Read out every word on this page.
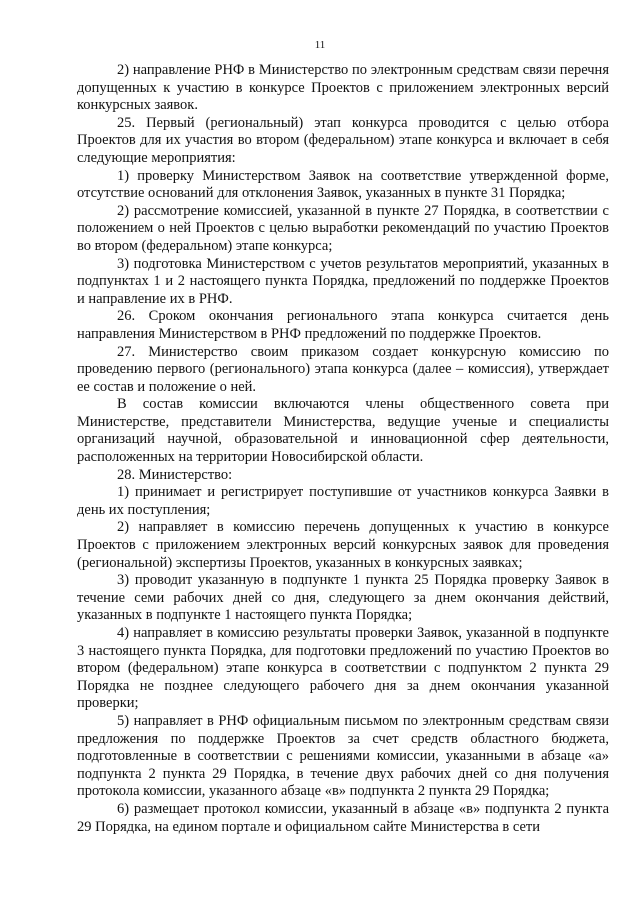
11

2) направление РНФ в Министерство по электронным средствам связи перечня допущенных к участию в конкурсе Проектов с приложением электронных версий конкурсных заявок.

25. Первый (региональный) этап конкурса проводится с целью отбора Проектов для их участия во втором (федеральном) этапе конкурса и включает в себя следующие мероприятия:

1) проверку Министерством Заявок на соответствие утвержденной форме, отсутствие оснований для отклонения Заявок, указанных в пункте 31 Порядка;

2) рассмотрение комиссией, указанной в пункте 27 Порядка, в соответствии с положением о ней Проектов с целью выработки рекомендаций по участию Проектов во втором (федеральном) этапе конкурса;

3) подготовка Министерством с учетов результатов мероприятий, указанных в подпунктах 1 и 2 настоящего пункта Порядка, предложений по поддержке Проектов и направление их в РНФ.

26. Сроком окончания регионального этапа конкурса считается день направления Министерством в РНФ предложений по поддержке Проектов.

27. Министерство своим приказом создает конкурсную комиссию по проведению первого (регионального) этапа конкурса (далее – комиссия), утверждает ее состав и положение о ней.

В состав комиссии включаются члены общественного совета при Министерстве, представители Министерства, ведущие ученые и специалисты организаций научной, образовательной и инновационной сфер деятельности, расположенных на территории Новосибирской области.

28. Министерство:

1) принимает и регистрирует поступившие от участников конкурса Заявки в день их поступления;

2) направляет в комиссию перечень допущенных к участию в конкурсе Проектов с приложением электронных версий конкурсных заявок для проведения (региональной) экспертизы Проектов, указанных в конкурсных заявках;

3) проводит указанную в подпункте 1 пункта 25 Порядка проверку Заявок в течение семи рабочих дней со дня, следующего за днем окончания действий, указанных в подпункте 1 настоящего пункта Порядка;

4) направляет в комиссию результаты проверки Заявок, указанной в подпункте 3 настоящего пункта Порядка, для подготовки предложений по участию Проектов во втором (федеральном) этапе конкурса в соответствии с подпунктом 2 пункта 29 Порядка не позднее следующего рабочего дня за днем окончания указанной проверки;

5) направляет в РНФ официальным письмом по электронным средствам связи предложения по поддержке Проектов за счет средств областного бюджета, подготовленные в соответствии с решениями комиссии, указанными в абзаце «а» подпункта 2 пункта 29 Порядка, в течение двух рабочих дней со дня получения протокола комиссии, указанного абзаце «в» подпункта 2 пункта 29 Порядка;

6) размещает протокол комиссии, указанный в абзаце «в» подпункта 2 пункта 29 Порядка, на едином портале и официальном сайте Министерства в сети
